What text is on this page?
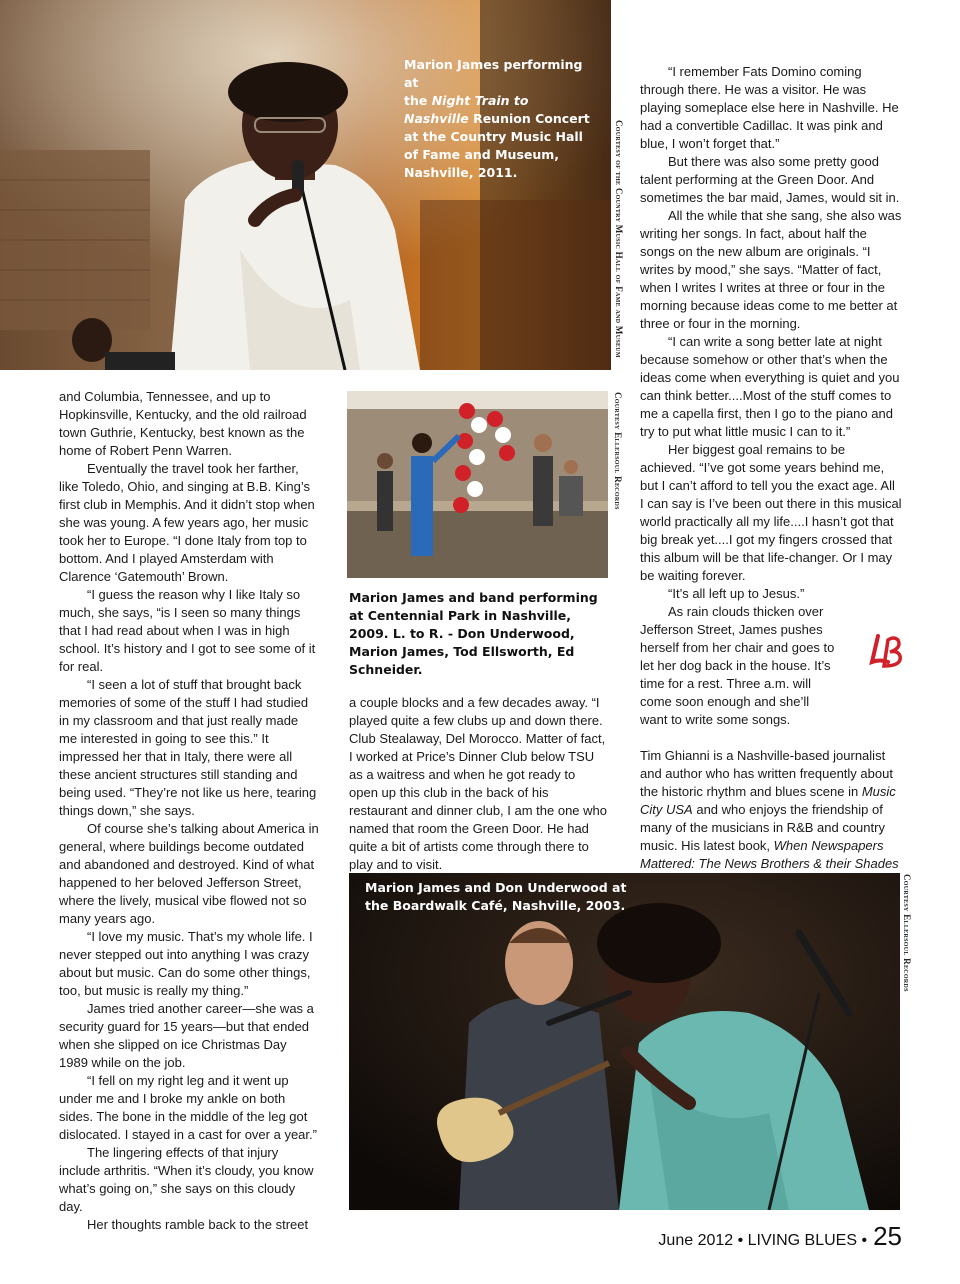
Marion James performing at
the Night Train to Nashville Reunion Concert at the Country Music Hall of Fame and Museum, Nashville, 2011.	Courtesy of the Country Music Hall of Fame and Museum
Courtesy Ellersoul Records
Marion James and band performing at Centennial Park in Nashville, 2009. L. to R. - Don Underwood, Marion James, Tod Ellsworth, Ed Schneider.

and Columbia, Tennessee, and up to Hopkinsville, Kentucky, and the old railroad town Guthrie, Kentucky, best known as the home of Robert Penn Warren.

Eventually the travel took her farther, like Toledo, Ohio, and singing at B.B. King’s first club in Memphis. And it didn’t stop when she was young. A few years ago, her music took her to Europe. “I done Italy from top to bottom. And I played Amsterdam with Clarence ‘Gatemouth’ Brown.

“I guess the reason why I like Italy so much, she says, “is I seen so many things that I had read about when I was in high school. It’s history and I got to see some of it for real.

“I seen a lot of stuff that brought back memories of some of the stuff I had studied in my classroom and that just really made me interested in going to see this.” It impressed her that in Italy, there were all these ancient structures still standing and being used. “They’re not like us here, tearing things down,” she says.

Of course she’s talking about America in general, where buildings become outdated and abandoned and destroyed. Kind of what happened to her beloved Jefferson Street, where the lively, musical vibe flowed not so many years ago.

“I love my music. That’s my whole life. I never stepped out into anything I was crazy about but music. Can do some other things, too, but music is really my thing.”

James tried another career—she was a security guard for 15 years—but that ended when she slipped on ice Christmas Day 1989 while on the job.

“I fell on my right leg and it went up under me and I broke my ankle on both sides. The bone in the middle of the leg got dislocated. I stayed in a cast for over a year.”

The lingering effects of that injury include arthritis. “When it’s cloudy, you know what’s going on,” she says on this cloudy day.

Her thoughts ramble back to the street

a couple blocks and a few decades away. “I played quite a few clubs up and down there. Club Stealaway, Del Morocco. Matter of fact, I worked at Price’s Dinner Club below TSU as a waitress and when he got ready to open up this club in the back of his restaurant and dinner club, I am the one who named that room the Green Door. He had quite a bit of artists come through there to play and to visit.

“I remember Fats Domino coming through there. He was a visitor. He was playing someplace else here in Nashville. He had a convertible Cadillac. It was pink and blue, I won’t forget that.”

But there was also some pretty good talent performing at the Green Door. And sometimes the bar maid, James, would sit in.

All the while that she sang, she also was writing her songs. In fact, about half the songs on the new album are originals. “I writes by mood,” she says. “Matter of fact, when I writes I writes at three or four in the morning because ideas come to me better at three or four in the morning.

“I can write a song better late at night because somehow or other that’s when the ideas come when everything is quiet and you can think better....Most of the stuff comes to me a capella first, then I go to the piano and try to put what little music I can to it.”

Her biggest goal remains to be achieved. “I’ve got some years behind me, but I can’t afford to tell you the exact age. All I can say is I’ve been out there in this musical world practically all my life....I hasn’t got that big break yet....I got my fingers crossed that this album will be that life-changer. Or I may be waiting forever.

“It’s all left up to Jesus.”

As rain clouds thicken over Jefferson Street, James pushes herself from her chair and goes to let her dog back in the house. It’s time for a rest. Three a.m. will come soon enough and she’ll want to write some songs.

Tim Ghianni is a Nashville-based journalist and author who has written frequently about the historic rhythm and blues scene in Music City USA and who enjoys the friendship of many of the musicians in R&B and country music. His latest book, When Newspapers Mattered: The News Brothers & their Shades

Marion James and Don Underwood at the Boardwalk Café, Nashville, 2003.	Courtesy Ellersoul Records
June 2012 • LIVING BLUES • 25
